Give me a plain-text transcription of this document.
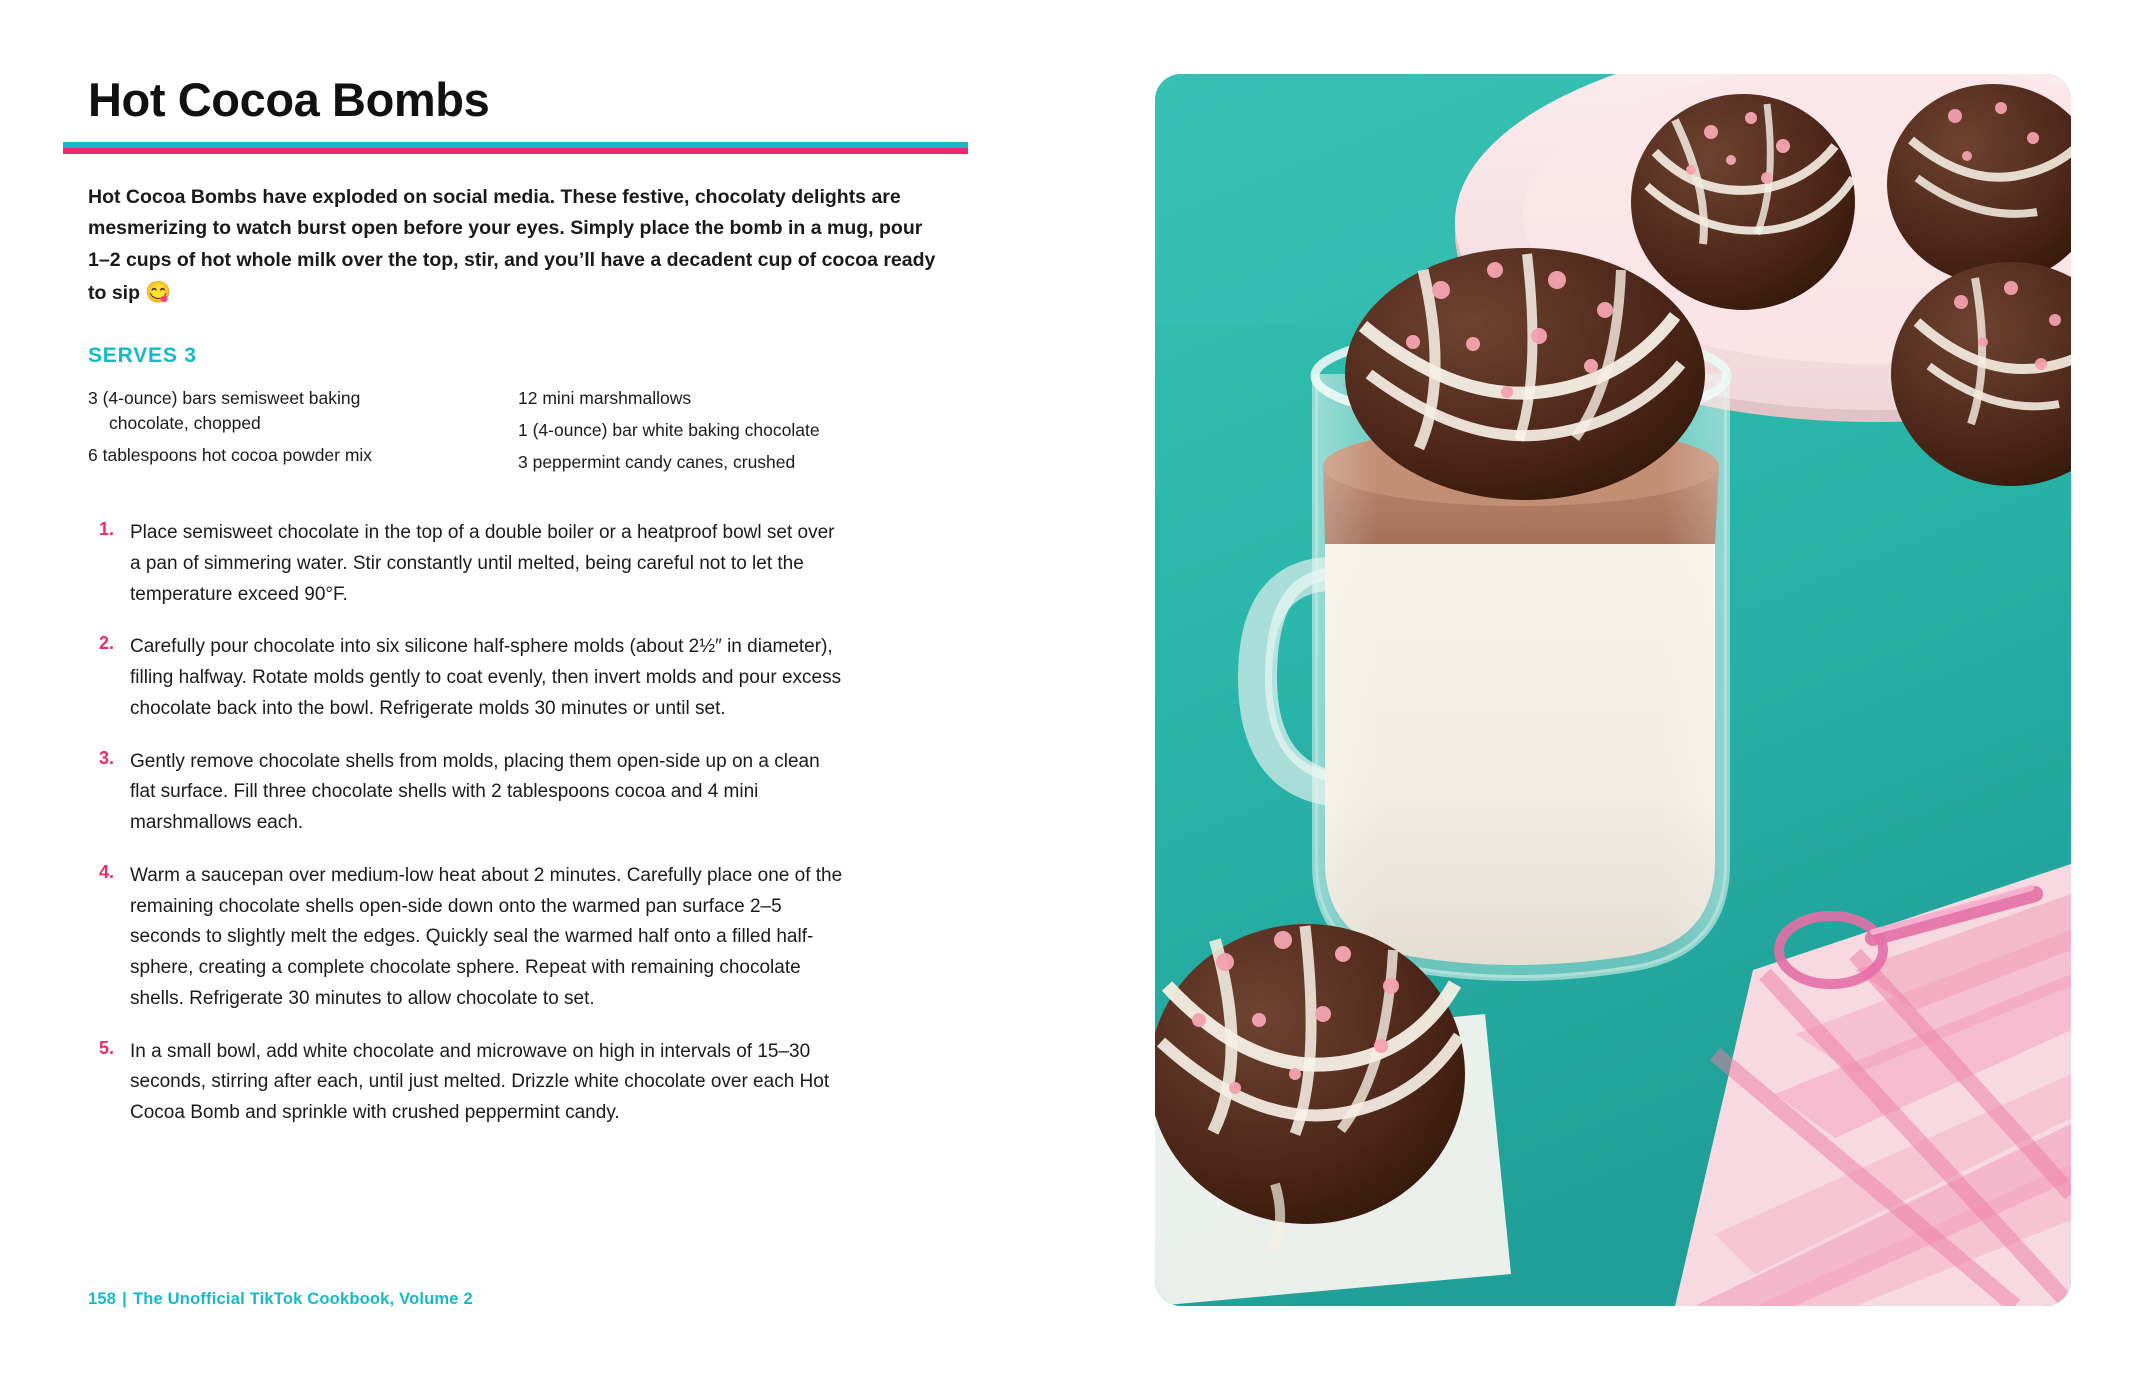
Hot Cocoa Bombs

Hot Cocoa Bombs have exploded on social media. These festive, chocolaty delights are mesmerizing to watch burst open before your eyes. Simply place the bomb in a mug, pour 1–2 cups of hot whole milk over the top, stir, and you’ll have a decadent cup of cocoa ready to sip 😋

SERVES 3
3 (4-ounce) bars semisweet baking
chocolate, chopped
6 tablespoons hot cocoa powder mix
12 mini marshmallows
1 (4-ounce) bar white baking chocolate
3 peppermint candy canes, crushed
1. Place semisweet chocolate in the top of a double boiler or a heatproof bowl set over a pan of simmering water. Stir constantly until melted, being careful not to let the temperature exceed 90°F.
2. Carefully pour chocolate into six silicone half-sphere molds (about 2½″ in diameter), filling halfway. Rotate molds gently to coat evenly, then invert molds and pour excess chocolate back into the bowl. Refrigerate molds 30 minutes or until set.
3. Gently remove chocolate shells from molds, placing them open-side up on a clean flat surface. Fill three chocolate shells with 2 tablespoons cocoa and 4 mini marshmallows each.
4. Warm a saucepan over medium-low heat about 2 minutes. Carefully place one of the remaining chocolate shells open-side down onto the warmed pan surface 2–5 seconds to slightly melt the edges. Quickly seal the warmed half onto a filled half-sphere, creating a complete chocolate sphere. Repeat with remaining chocolate shells. Refrigerate 30 minutes to allow chocolate to set.
5. In a small bowl, add white chocolate and microwave on high in intervals of 15–30 seconds, stirring after each, until just melted. Drizzle white chocolate over each Hot Cocoa Bomb and sprinkle with crushed peppermint candy.
158 | The Unofficial TikTok Cookbook, Volume 2
